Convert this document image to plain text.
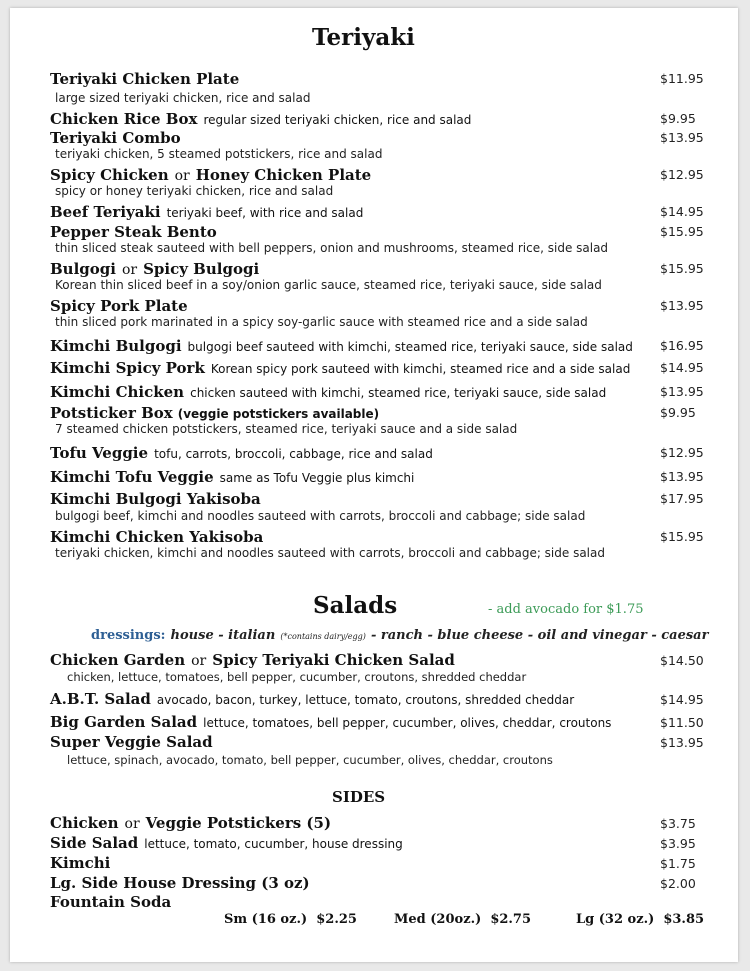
Teriyaki
Teriyaki Chicken Plate	$11.95
large sized teriyaki chicken, rice and salad
Chicken Rice Box regular sized teriyaki chicken, rice and salad	$9.95
Teriyaki Combo	$13.95
teriyaki chicken, 5 steamed potstickers, rice and salad
Spicy Chicken or Honey Chicken Plate	$12.95
spicy or honey teriyaki chicken, rice and salad
Beef Teriyaki teriyaki beef, with rice and salad	$14.95
Pepper Steak Bento	$15.95
thin sliced steak sauteed with bell peppers, onion and mushrooms, steamed rice, side salad
Bulgogi or Spicy Bulgogi	$15.95
Korean thin sliced beef in a soy/onion garlic sauce, steamed rice, teriyaki sauce, side salad
Spicy Pork Plate	$13.95
thin sliced pork marinated in a spicy soy-garlic sauce with steamed rice and a side salad
Kimchi Bulgogi bulgogi beef sauteed with kimchi, steamed rice, teriyaki sauce, side salad $16.95
Kimchi Spicy Pork Korean spicy pork sauteed with kimchi, steamed rice and a side salad $14.95
Kimchi Chicken chicken sauteed with kimchi, steamed rice, teriyaki sauce, side salad	$13.95
Potsticker Box (veggie potstickers available)	$9.95
7 steamed chicken potstickers, steamed rice, teriyaki sauce and a side salad
Tofu Veggie tofu, carrots, broccoli, cabbage, rice and salad	$12.95
Kimchi Tofu Veggie same as Tofu Veggie plus kimchi	$13.95
Kimchi Bulgogi Yakisoba	$17.95
bulgogi beef, kimchi and noodles sauteed with carrots, broccoli and cabbage; side salad
Kimchi Chicken Yakisoba	$15.95
teriyaki chicken, kimchi and noodles sauteed with carrots, broccoli and cabbage; side salad
Salads	- add avocado for $1.75
dressings: house - italian (*contains dairy/egg) - ranch - blue cheese - oil and vinegar - caesar
Chicken Garden or Spicy Teriyaki Chicken Salad	$14.50
chicken, lettuce, tomatoes, bell pepper, cucumber, croutons, shredded cheddar
A.B.T. Salad avocado, bacon, turkey, lettuce, tomato, croutons, shredded cheddar	$14.95
Big Garden Salad lettuce, tomatoes, bell pepper, cucumber, olives, cheddar, croutons	$11.50
Super Veggie Salad	$13.95
lettuce, spinach, avocado, tomato, bell pepper, cucumber, olives, cheddar, croutons
SIDES
Chicken or Veggie Potstickers (5)	$3.75
Side Salad lettuce, tomato, cucumber, house dressing	$3.95
Kimchi	$1.75
Lg. Side House Dressing (3 oz)	$2.00
Fountain Soda
Sm (16 oz.) $2.25	Med (20oz.) $2.75	Lg (32 oz.) $3.85
